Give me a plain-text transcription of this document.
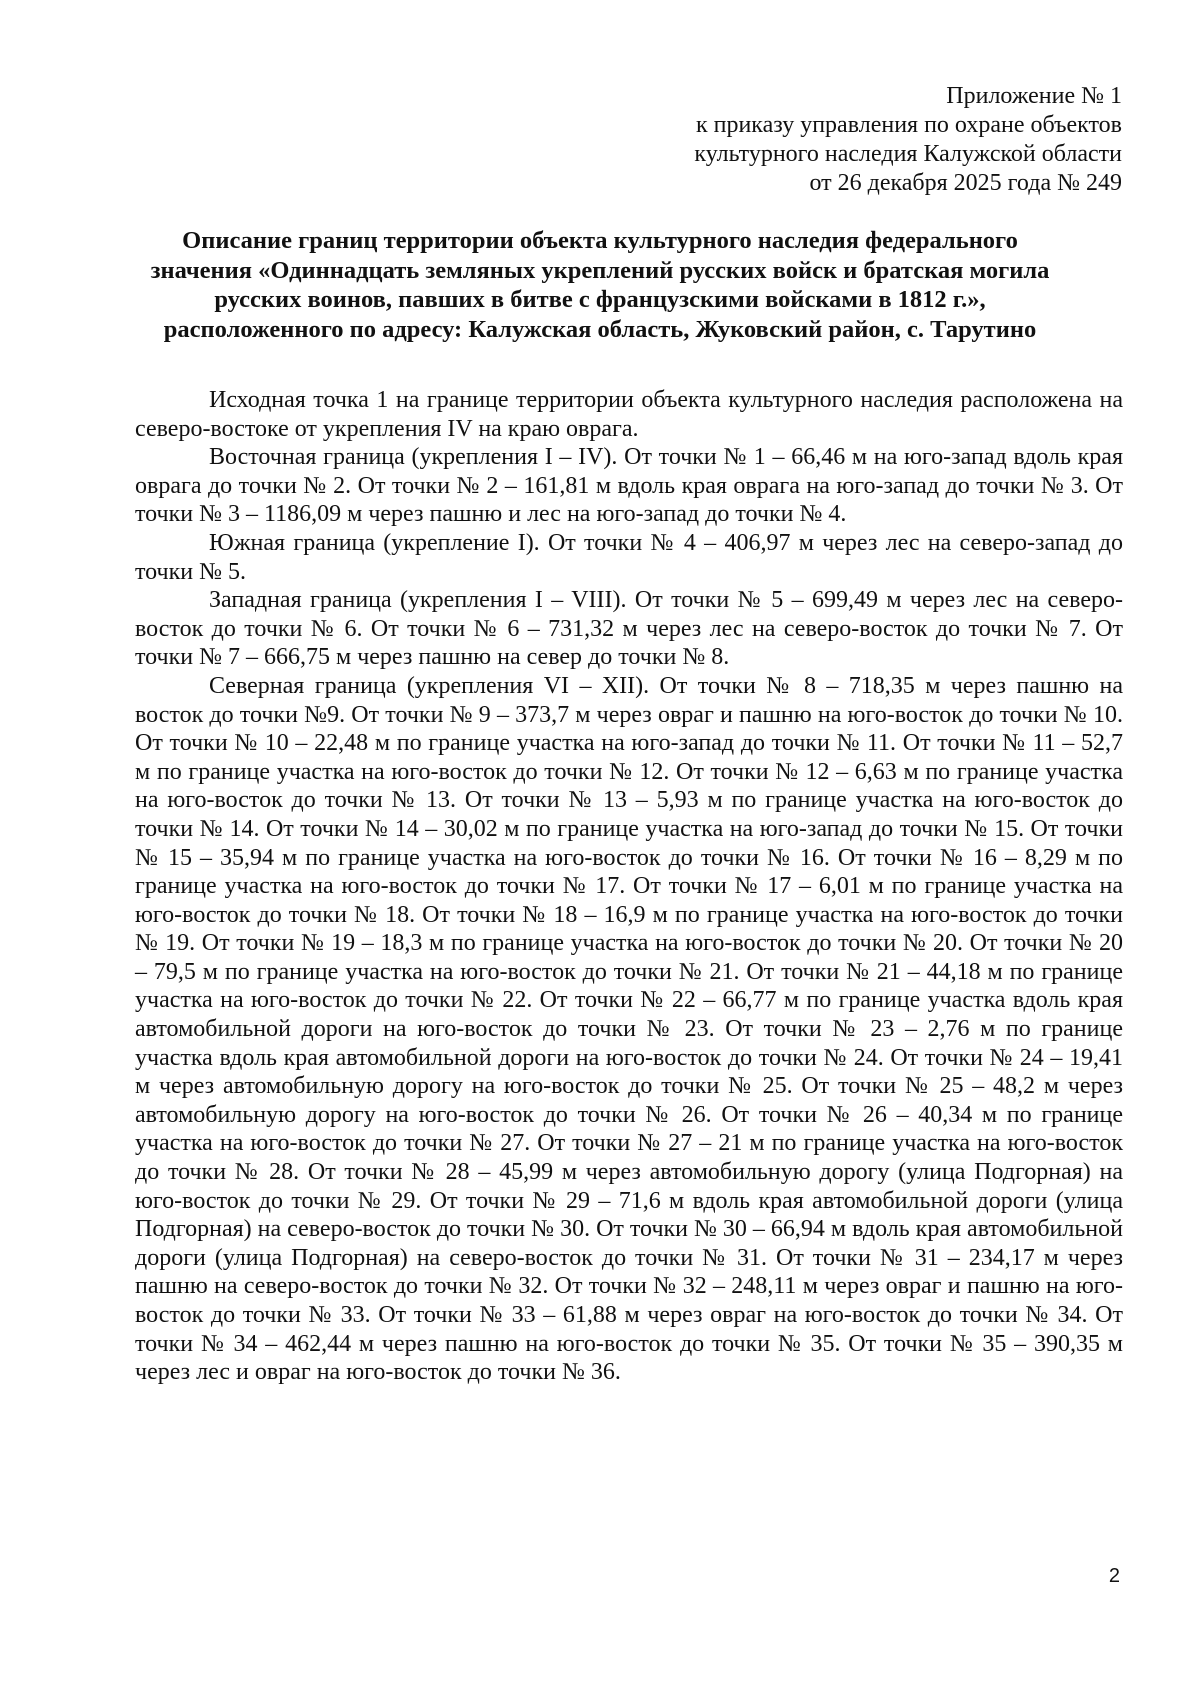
Приложение № 1
к приказу управления по охране объектов
культурного наследия Калужской области
от 26 декабря 2025 года № 249
Описание границ территории объекта культурного наследия федерального
значения «Одиннадцать земляных укреплений русских войск и братская могила
русских воинов, павших в битве с французскими войсками в 1812 г.»,
расположенного по адресу: Калужская область, Жуковский район, с. Тарутино

Исходная точка 1 на границе территории объекта культурного наследия расположена на северо-востоке от укрепления IV на краю оврага.

Восточная граница (укрепления I – IV). От точки № 1 – 66,46 м на юго-запад вдоль края оврага до точки № 2. От точки № 2 – 161,81 м вдоль края оврага на юго-запад до точки № 3. От точки № 3 – 1186,09 м через пашню и лес на юго-запад до точки № 4.

Южная граница (укрепление I). От точки № 4 – 406,97 м через лес на северо-запад до точки № 5.

Западная граница (укрепления I – VIII). От точки № 5 – 699,49 м через лес на северо-восток до точки № 6. От точки № 6 – 731,32 м через лес на северо-восток до точки № 7. От точки № 7 – 666,75 м через пашню на север до точки № 8.

Северная граница (укрепления VI – XII). От точки № 8 – 718,35 м через пашню на восток до точки №9. От точки № 9 – 373,7 м через овраг и пашню на юго-восток до точки № 10. От точки № 10 – 22,48 м по границе участка на юго-запад до точки № 11. От точки № 11 – 52,7 м по границе участка на юго-восток до точки № 12. От точки № 12 – 6,63 м по границе участка на юго-восток до точки № 13. От точки № 13 – 5,93 м по границе участка на юго-восток до точки № 14. От точки № 14 – 30,02 м по границе участка на юго-запад до точки № 15. От точки № 15 – 35,94 м по границе участка на юго-восток до точки № 16. От точки № 16 – 8,29 м по границе участка на юго-восток до точки № 17. От точки № 17 – 6,01 м по границе участка на юго-восток до точки № 18. От точки № 18 – 16,9 м по границе участка на юго-восток до точки № 19. От точки № 19 – 18,3 м по границе участка на юго-восток до точки № 20. От точки № 20 – 79,5 м по границе участка на юго-восток до точки № 21. От точки № 21 – 44,18 м по границе участка на юго-восток до точки № 22. От точки № 22 – 66,77 м по границе участка вдоль края автомобильной дороги на юго-восток до точки № 23. От точки № 23 – 2,76 м по границе участка вдоль края автомобильной дороги на юго-восток до точки № 24. От точки № 24 – 19,41 м через автомобильную дорогу на юго-восток до точки № 25. От точки № 25 – 48,2 м через автомобильную дорогу на юго-восток до точки № 26. От точки № 26 – 40,34 м по границе участка на юго-восток до точки № 27. От точки № 27 – 21 м по границе участка на юго-восток до точки № 28. От точки № 28 – 45,99 м через автомобильную дорогу (улица Подгорная) на юго-восток до точки № 29. От точки № 29 – 71,6 м вдоль края автомобильной дороги (улица Подгорная) на северо-восток до точки № 30. От точки № 30 – 66,94 м вдоль края автомобильной дороги (улица Подгорная) на северо-восток до точки № 31. От точки № 31 – 234,17 м через пашню на северо-восток до точки № 32. От точки № 32 – 248,11 м через овраг и пашню на юго-восток до точки № 33. От точки № 33 – 61,88 м через овраг на юго-восток до точки № 34. От точки № 34 – 462,44 м через пашню на юго-восток до точки № 35. От точки № 35 – 390,35 м через лес и овраг на юго-восток до точки № 36.

2
